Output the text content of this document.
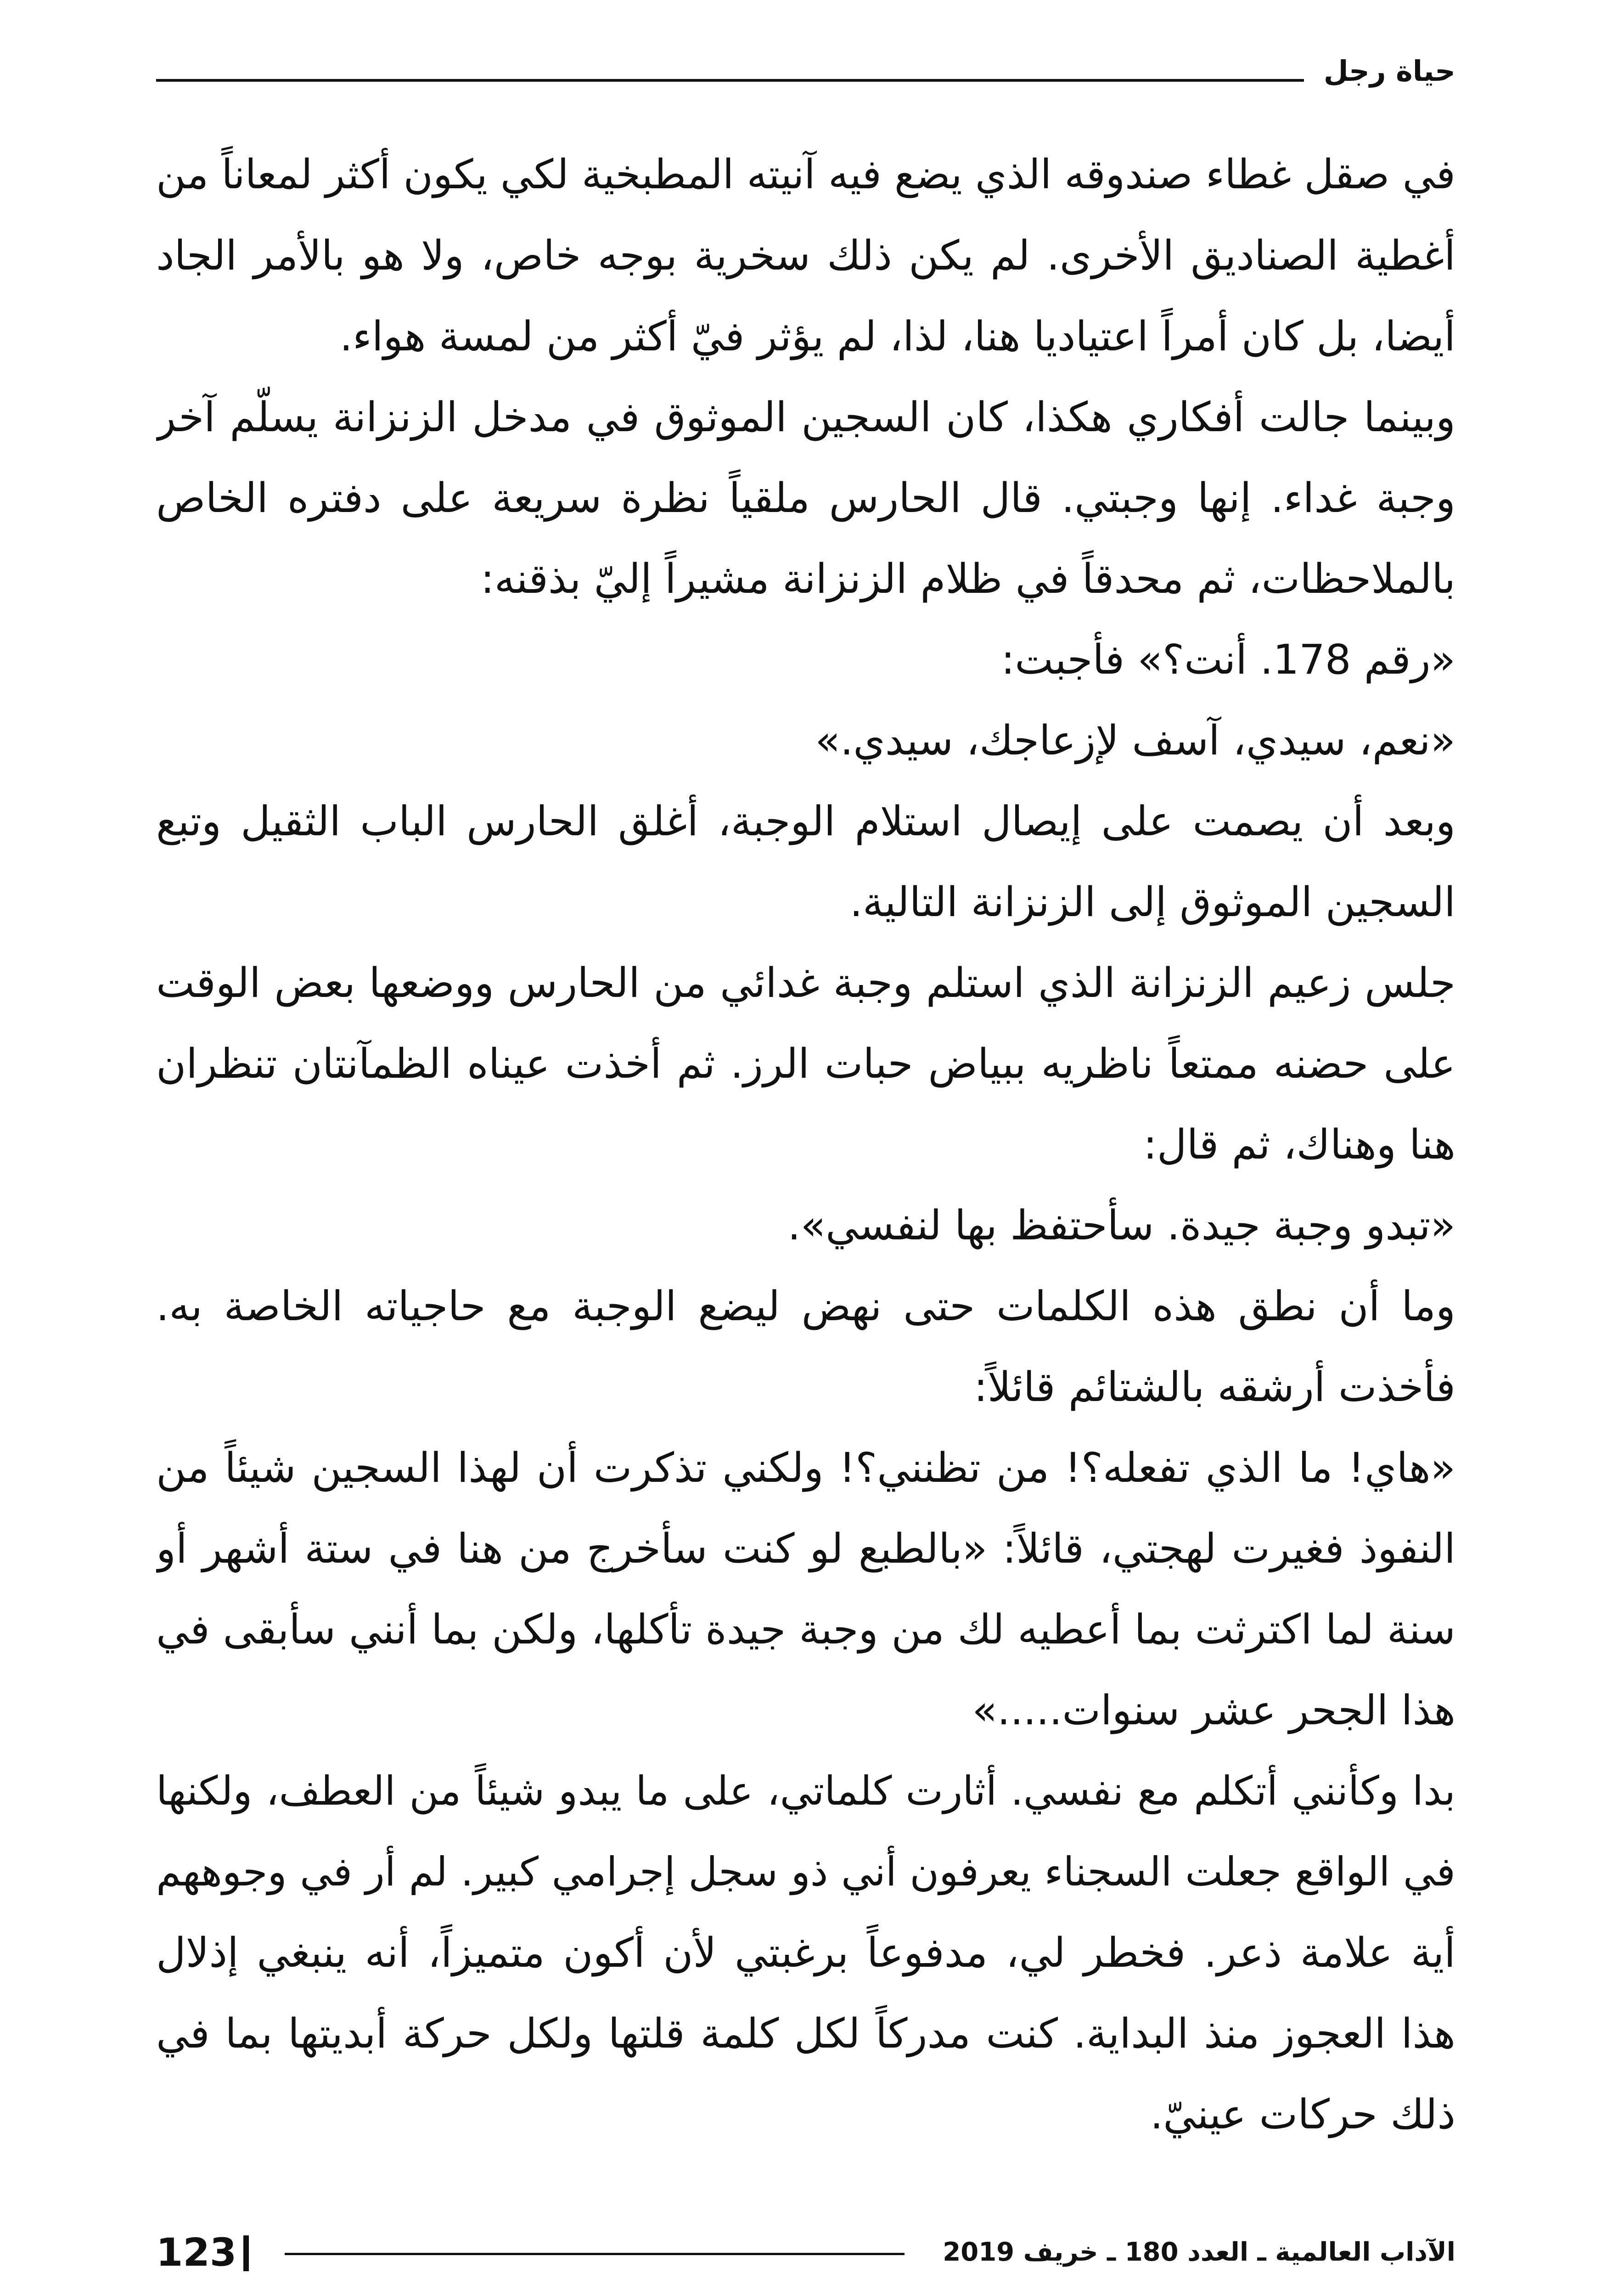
حياة رجل
في صقل غطاء صندوقه الذي يضع فيه آنيته المطبخية لكي يكون أكثر لمعاناً من
أغطية الصناديق الأخرى. لم يكن ذلك سخرية بوجه خاص، ولا هو بالأمر الجاد
أيضا، بل كان أمراً اعتياديا هنا، لذا، لم يؤثر فيّ أكثر من لمسة هواء.
وبينما جالت أفكاري هكذا، كان السجين الموثوق في مدخل الزنزانة يسلّم آخر
وجبة غداء. إنها وجبتي. قال الحارس ملقياً نظرة سريعة على دفتره الخاص
بالملاحظات، ثم محدقاً في ظلام الزنزانة مشيراً إليّ بذقنه:
«رقم 178. أنت؟» فأجبت:
«نعم، سيدي، آسف لإزعاجك، سيدي.»
وبعد أن يصمت على إيصال استلام الوجبة، أغلق الحارس الباب الثقيل وتبع
السجين الموثوق إلى الزنزانة التالية.
جلس زعيم الزنزانة الذي استلم وجبة غدائي من الحارس ووضعها بعض الوقت
على حضنه ممتعاً ناظريه ببياض حبات الرز. ثم أخذت عيناه الظمآنتان تنظران
هنا وهناك، ثم قال:
«تبدو وجبة جيدة. سأحتفظ بها لنفسي».
وما أن نطق هذه الكلمات حتى نهض ليضع الوجبة مع حاجياته الخاصة به.
فأخذت أرشقه بالشتائم قائلاً:
«هاي! ما الذي تفعله؟! من تظنني؟! ولكني تذكرت أن لهذا السجين شيئاً من
النفوذ فغيرت لهجتي، قائلاً: «بالطبع لو كنت سأخرج من هنا في ستة أشهر أو
سنة لما اكترثت بما أعطيه لك من وجبة جيدة تأكلها، ولكن بما أنني سأبقى في
هذا الجحر عشر سنوات.....»
بدا وكأنني أتكلم مع نفسي. أثارت كلماتي، على ما يبدو شيئاً من العطف، ولكنها
في الواقع جعلت السجناء يعرفون أني ذو سجل إجرامي كبير. لم أر في وجوههم
أية علامة ذعر. فخطر لي، مدفوعاً برغبتي لأن أكون متميزاً، أنه ينبغي إذلال
هذا العجوز منذ البداية. كنت مدركاً لكل كلمة قلتها ولكل حركة أبديتها بما في
ذلك حركات عينيّ.
الآداب العالمية ـ العدد 180 ـ خريف 2019
123
